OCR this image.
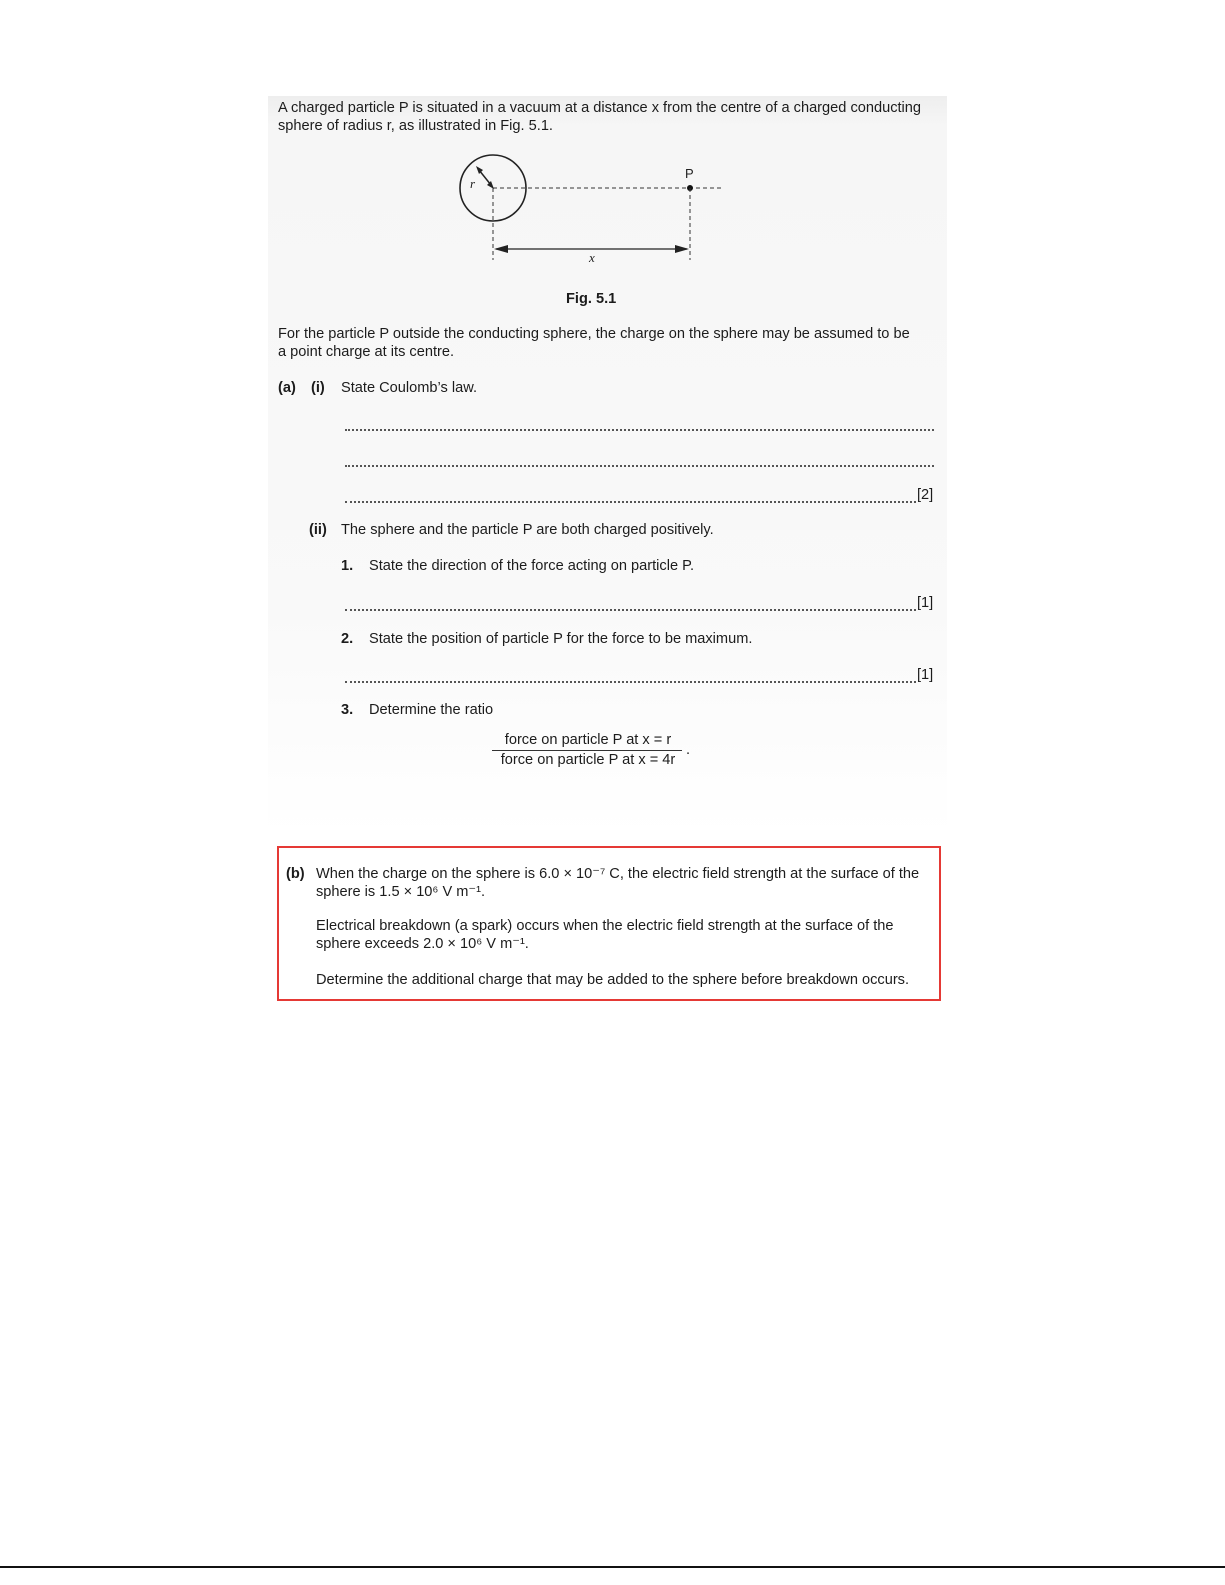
A charged particle P is situated in a vacuum at a distance x from the centre of a charged conducting
sphere of radius r, as illustrated in Fig. 5.1.
r
P
x
Fig. 5.1
For the particle P outside the conducting sphere, the charge on the sphere may be assumed to be
a point charge at its centre.
(a) (i) State Coulomb’s law.
[2]
(ii) The sphere and the particle P are both charged positively.
1. State the direction of the force acting on particle P.
[1]
2. State the position of particle P for the force to be maximum.
[1]
3. Determine the ratio
force on particle P at x = r
force on particle P at x = 4r
.
(b) When the charge on the sphere is 6.0 × 10⁻⁷ C, the electric field strength at the surface of the
sphere is 1.5 × 10⁶ V m⁻¹.
Electrical breakdown (a spark) occurs when the electric field strength at the surface of the
sphere exceeds 2.0 × 10⁶ V m⁻¹.
Determine the additional charge that may be added to the sphere before breakdown occurs.
